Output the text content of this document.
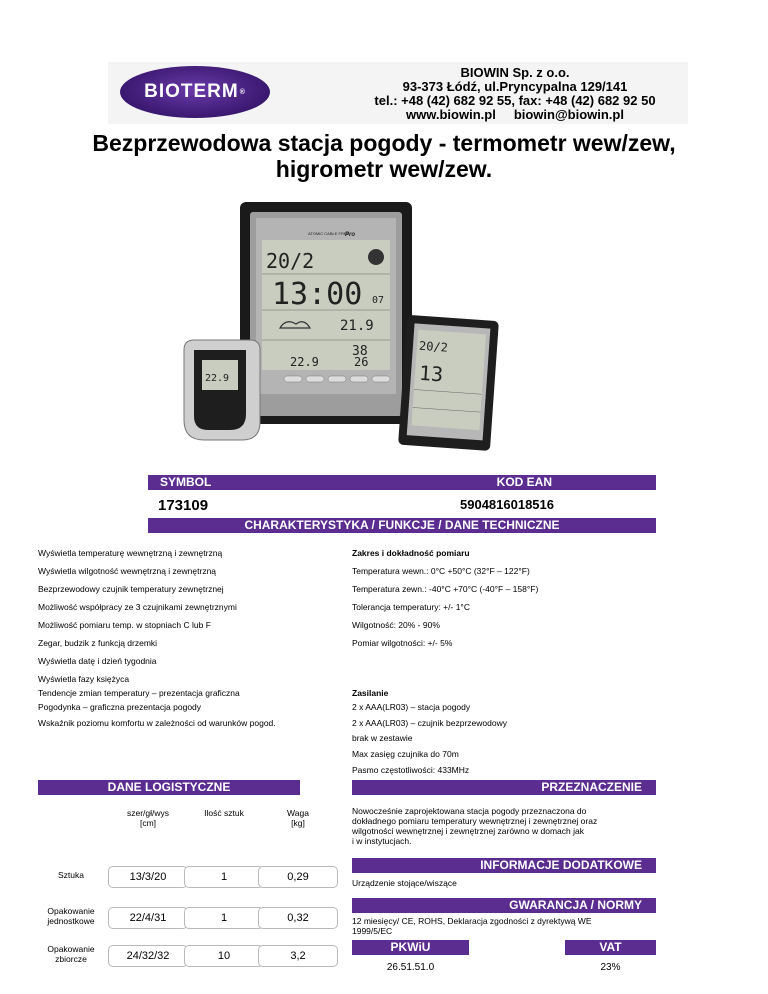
BIOTERM ®
BIOWIN Sp. z o.o.
93-373 Łódź, ul.Pryncypalna 129/141
tel.: +48 (42) 682 92 55, fax: +48 (42) 682 92 50
www.biowin.pl biowin@biowin.pl
Bezprzewodowa stacja pogody - termometr wew/zew,
higrometr wew/zew.
ATOMIC CABLE FREE
Pro
20/2
13:00 07
21.9
38
22.9	26
22.9
20/2
13
SYMBOL	KOD EAN
173109	5904816018516
CHARAKTERYSTYKA / FUNKCJE / DANE TECHNICZNE
Wyświetla temperaturę wewnętrzną i zewnętrzną
Wyświetla wilgotność wewnętrzną i zewnętrzną
Bezprzewodowy czujnik temperatury zewnętrznej
Możliwość współpracy ze 3 czujnikami zewnętrznymi
Możliwość pomiaru temp. w stopniach C lub F
Zegar, budzik z funkcją drzemki
Wyświetla datę i dzień tygodnia
Wyświetla fazy księżyca
Tendencje zmian temperatury – prezentacja graficzna
Pogodynka – graficzna prezentacja pogody
Wskaźnik poziomu komfortu w zależności od warunków pogod.
Zakres i dokładność pomiaru
Temperatura wewn.: 0°C +50°C (32°F – 122°F)
Temperatura zewn.: -40°C +70°C (-40°F – 158°F)
Tolerancja temperatury: +/- 1°C
Wilgotność: 20% - 90%
Pomiar wilgotności: +/- 5%
Zasilanie
2 x AAA(LR03) – stacja pogody
2 x AAA(LR03) – czujnik bezprzewodowy
brak w zestawie
Max zasięg czujnika do 70m
Pasmo częstotliwości: 433MHz
DANE LOGISTYCZNE
szer/gł/wys
[cm]
Ilość sztuk	Waga
[kg]
Sztuka	13/3/20	1	0,29
Opakowanie
jednostkowe	22/4/31	1	0,32
Opakowanie
zbiorcze	24/32/32	10	3,2
PRZEZNACZENIE
Nowocześnie zaprojektowana stacja pogody przeznaczona do
dokładnego pomiaru temperatury wewnętrznej i zewnętrznej oraz
wilgotności wewnętrznej i zewnętrznej zarówno w domach jak
i w instytucjach.
INFORMACJE DODATKOWE
Urządzenie stojące/wiszące
GWARANCJA / NORMY
12 miesięcy/ CE, ROHS, Deklaracja zgodności z dyrektywą WE
1999/5/EC
PKWiU	VAT
26.51.51.0	23%
